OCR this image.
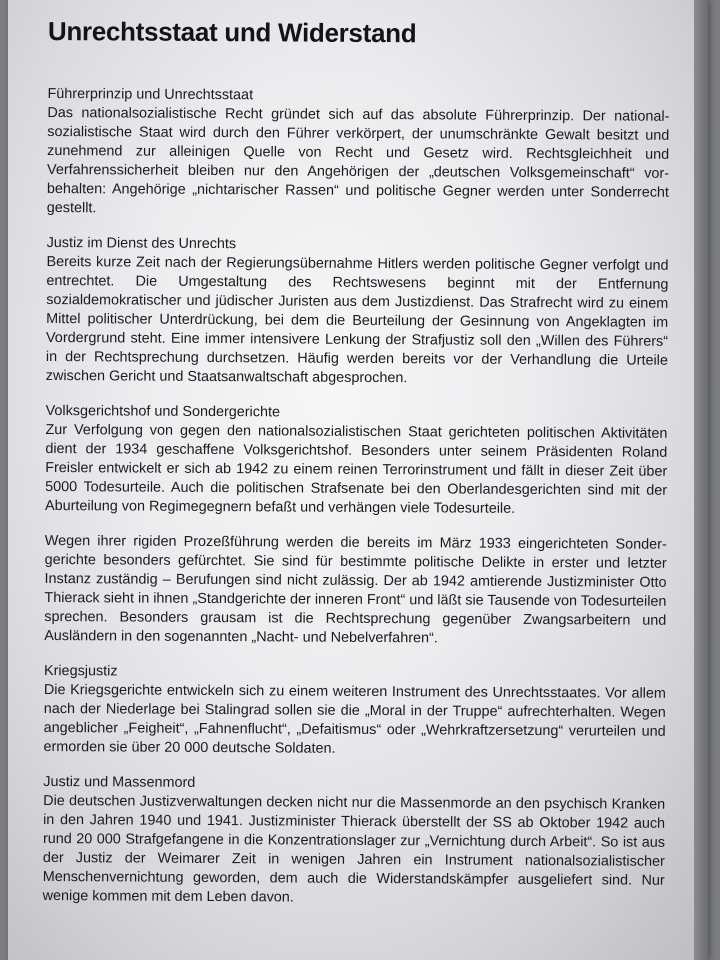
Unrechtsstaat und Widerstand

Führerprinzip und Unrechtsstaat

Das nationalsozialistische Recht gründet sich auf das absolute Führerprinzip. Der nationalsozialistische Staat wird durch den Führer verkörpert, der unumschränkte Gewalt besitzt und zunehmend zur alleinigen Quelle von Recht und Gesetz wird. Rechtsgleichheit und Verfahrenssicherheit bleiben nur den Angehörigen der „deutschen Volksgemeinschaft“ vorbehalten: Angehörige „nichtarischer Rassen“ und politische Gegner werden unter Sonderrecht gestellt.

Justiz im Dienst des Unrechts

Bereits kurze Zeit nach der Regierungsübernahme Hitlers werden politische Gegner verfolgt und entrechtet. Die Umgestaltung des Rechtswesens beginnt mit der Entfernung sozialdemokratischer und jüdischer Juristen aus dem Justizdienst. Das Strafrecht wird zu einem Mittel politischer Unterdrückung, bei dem die Beurteilung der Gesinnung von Angeklagten im Vordergrund steht. Eine immer intensivere Lenkung der Strafjustiz soll den „Willen des Führers“ in der Rechtsprechung durchsetzen. Häufig werden bereits vor der Verhandlung die Urteile zwischen Gericht und Staatsanwaltschaft abgesprochen.

Volksgerichtshof und Sondergerichte

Zur Verfolgung von gegen den nationalsozialistischen Staat gerichteten politischen Aktivitäten dient der 1934 geschaffene Volksgerichtshof. Besonders unter seinem Präsidenten Roland Freisler entwickelt er sich ab 1942 zu einem reinen Terrorinstrument und fällt in dieser Zeit über 5000 Todesurteile. Auch die politischen Strafsenate bei den Oberlandesgerichten sind mit der Aburteilung von Regimegegnern befaßt und verhängen viele Todesurteile.

Wegen ihrer rigiden Prozeßführung werden die bereits im März 1933 eingerichteten Sondergerichte besonders gefürchtet. Sie sind für bestimmte politische Delikte in erster und letzter Instanz zuständig – Berufungen sind nicht zulässig. Der ab 1942 amtierende Justizminister Otto Thierack sieht in ihnen „Standgerichte der inneren Front“ und läßt sie Tausende von Todesurteilen sprechen. Besonders grausam ist die Rechtsprechung gegenüber Zwangsarbeitern und Ausländern in den sogenannten „Nacht- und Nebelverfahren“.

Kriegsjustiz

Die Kriegsgerichte entwickeln sich zu einem weiteren Instrument des Unrechtsstaates. Vor allem nach der Niederlage bei Stalingrad sollen sie die „Moral in der Truppe“ aufrechterhalten. Wegen angeblicher „Feigheit“, „Fahnenflucht“, „Defaitismus“ oder „Wehrkraftzersetzung“ verurteilen und ermorden sie über 20 000 deutsche Soldaten.

Justiz und Massenmord

Die deutschen Justizverwaltungen decken nicht nur die Massenmorde an den psychisch Kranken in den Jahren 1940 und 1941. Justizminister Thierack überstellt der SS ab Oktober 1942 auch rund 20 000 Strafgefangene in die Konzentrationslager zur „Vernichtung durch Arbeit“. So ist aus der Justiz der Weimarer Zeit in wenigen Jahren ein Instrument nationalsozialistischer Menschenvernichtung geworden, dem auch die Widerstandskämpfer ausgeliefert sind. Nur wenige kommen mit dem Leben davon.
